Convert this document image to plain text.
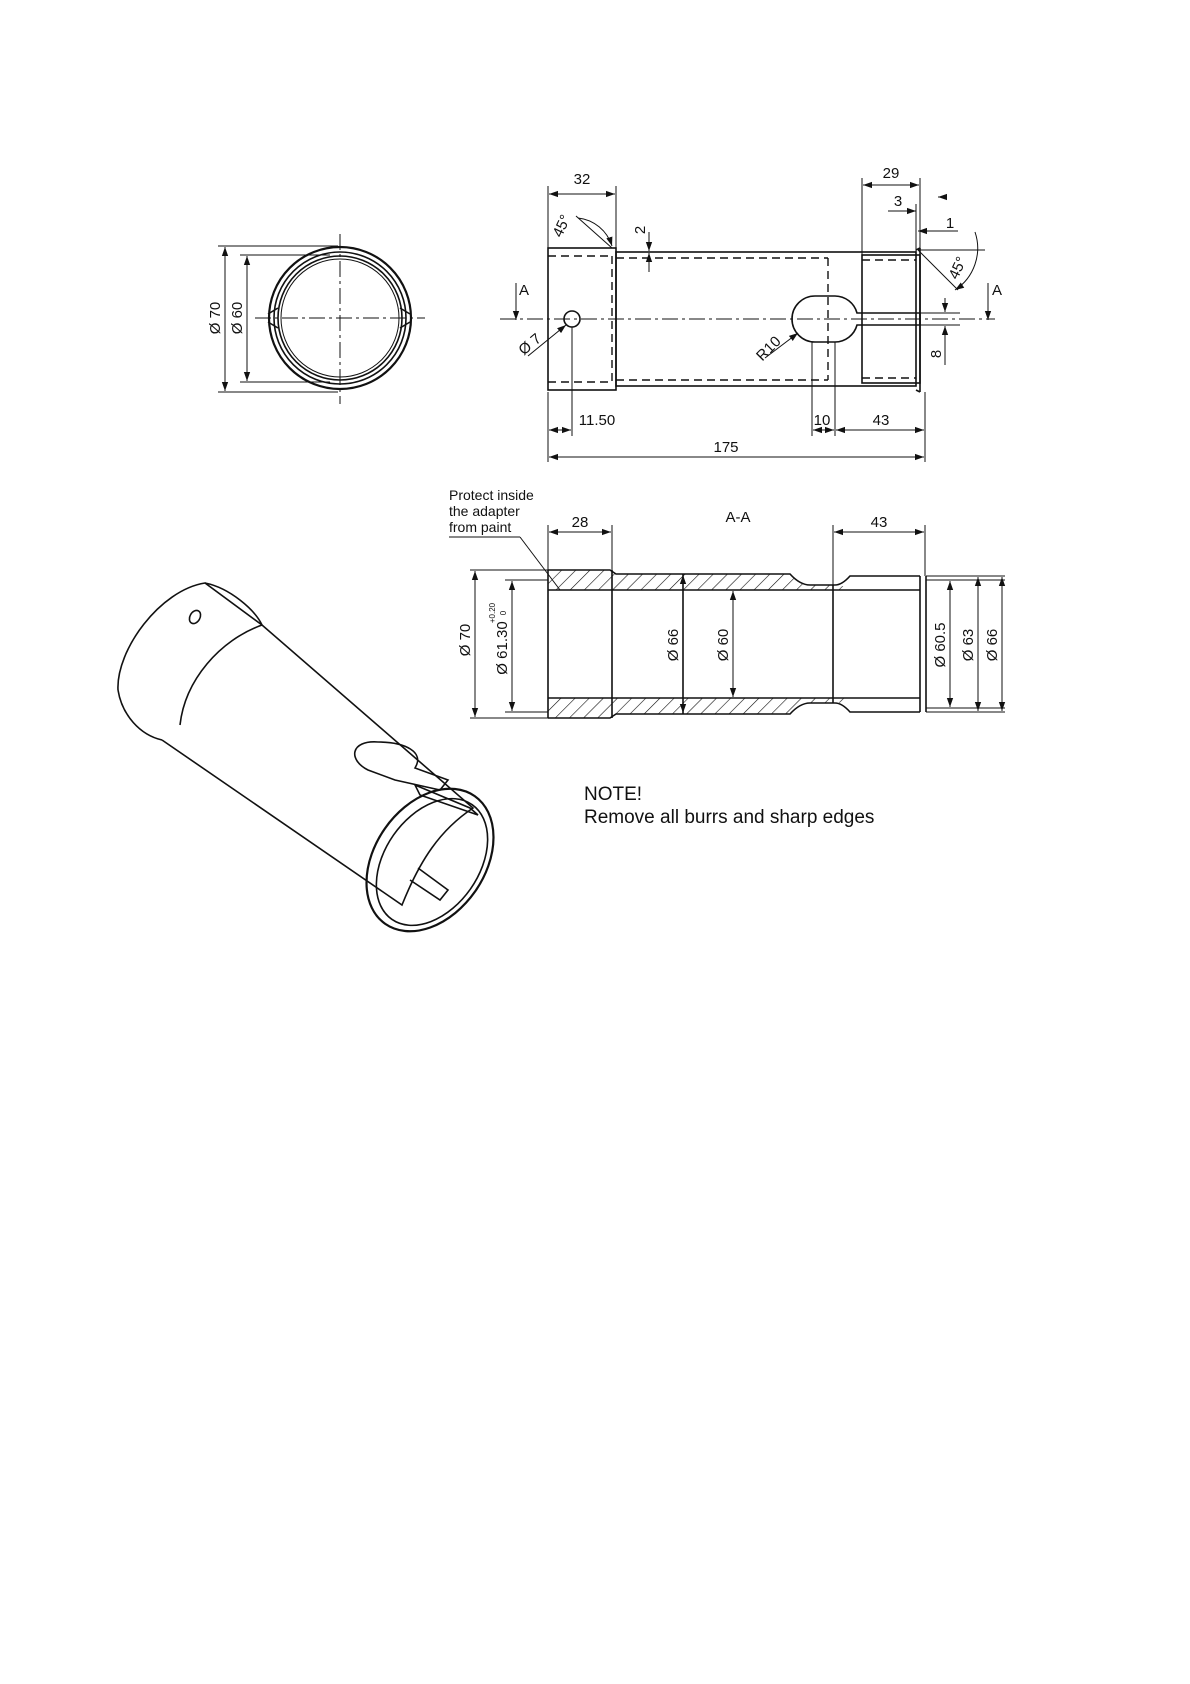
Ø 70 Ø 60
A	A
32
45°	2
29
3
1
45°
8
Ø 7	R10
11.50	10	43
175
A-A
Protect inside
the adapter
from paint	28	43
Ø 70 Ø 61.30
+0.20 0
Ø 66 Ø 60	Ø 60.5 Ø 63 Ø 66
NOTE!
Remove all burrs and sharp edges
